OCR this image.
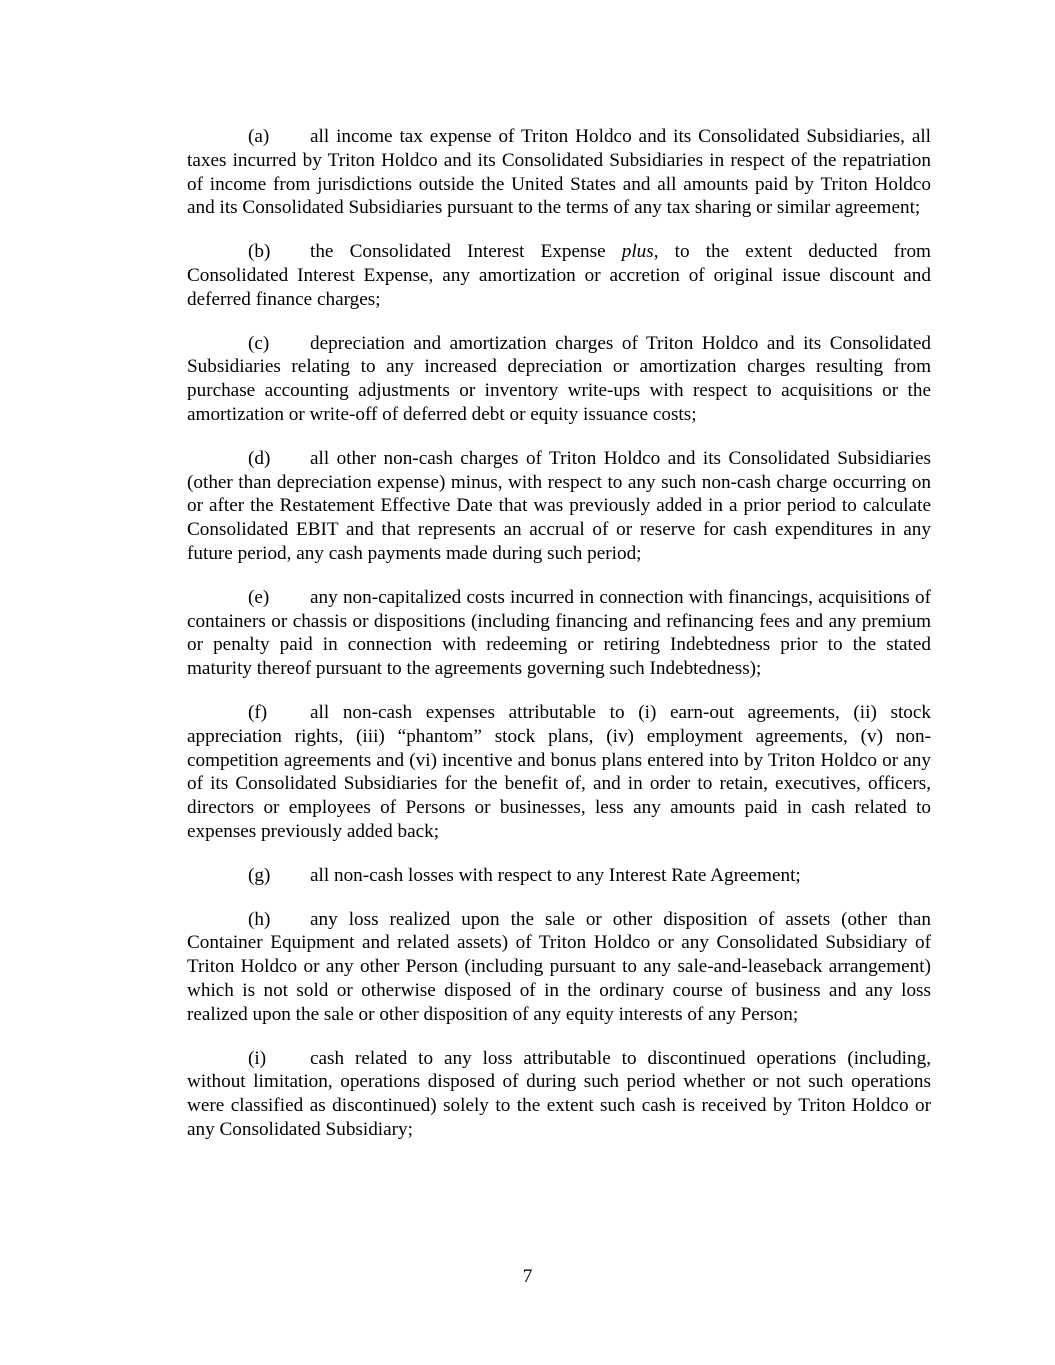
(a) all income tax expense of Triton Holdco and its Consolidated Subsidiaries, all taxes incurred by Triton Holdco and its Consolidated Subsidiaries in respect of the repatriation of income from jurisdictions outside the United States and all amounts paid by Triton Holdco and its Consolidated Subsidiaries pursuant to the terms of any tax sharing or similar agreement;

(b) the Consolidated Interest Expense plus, to the extent deducted from Consolidated Interest Expense, any amortization or accretion of original issue discount and deferred finance charges;

(c) depreciation and amortization charges of Triton Holdco and its Consolidated Subsidiaries relating to any increased depreciation or amortization charges resulting from purchase accounting adjustments or inventory write-ups with respect to acquisitions or the amortization or write-off of deferred debt or equity issuance costs;

(d) all other non-cash charges of Triton Holdco and its Consolidated Subsidiaries (other than depreciation expense) minus, with respect to any such non-cash charge occurring on or after the Restatement Effective Date that was previously added in a prior period to calculate Consolidated EBIT and that represents an accrual of or reserve for cash expenditures in any future period, any cash payments made during such period;

(e) any non-capitalized costs incurred in connection with financings, acquisitions of containers or chassis or dispositions (including financing and refinancing fees and any premium or penalty paid in connection with redeeming or retiring Indebtedness prior to the stated maturity thereof pursuant to the agreements governing such Indebtedness);

(f) all non-cash expenses attributable to (i) earn-out agreements, (ii) stock appreciation rights, (iii) “phantom” stock plans, (iv) employment agreements, (v) non-competition agreements and (vi) incentive and bonus plans entered into by Triton Holdco or any of its Consolidated Subsidiaries for the benefit of, and in order to retain, executives, officers, directors or employees of Persons or businesses, less any amounts paid in cash related to expenses previously added back;

(g) all non-cash losses with respect to any Interest Rate Agreement;

(h) any loss realized upon the sale or other disposition of assets (other than Container Equipment and related assets) of Triton Holdco or any Consolidated Subsidiary of Triton Holdco or any other Person (including pursuant to any sale-and-leaseback arrangement) which is not sold or otherwise disposed of in the ordinary course of business and any loss realized upon the sale or other disposition of any equity interests of any Person;

(i) cash related to any loss attributable to discontinued operations (including, without limitation, operations disposed of during such period whether or not such operations were classified as discontinued) solely to the extent such cash is received by Triton Holdco or any Consolidated Subsidiary;

7
